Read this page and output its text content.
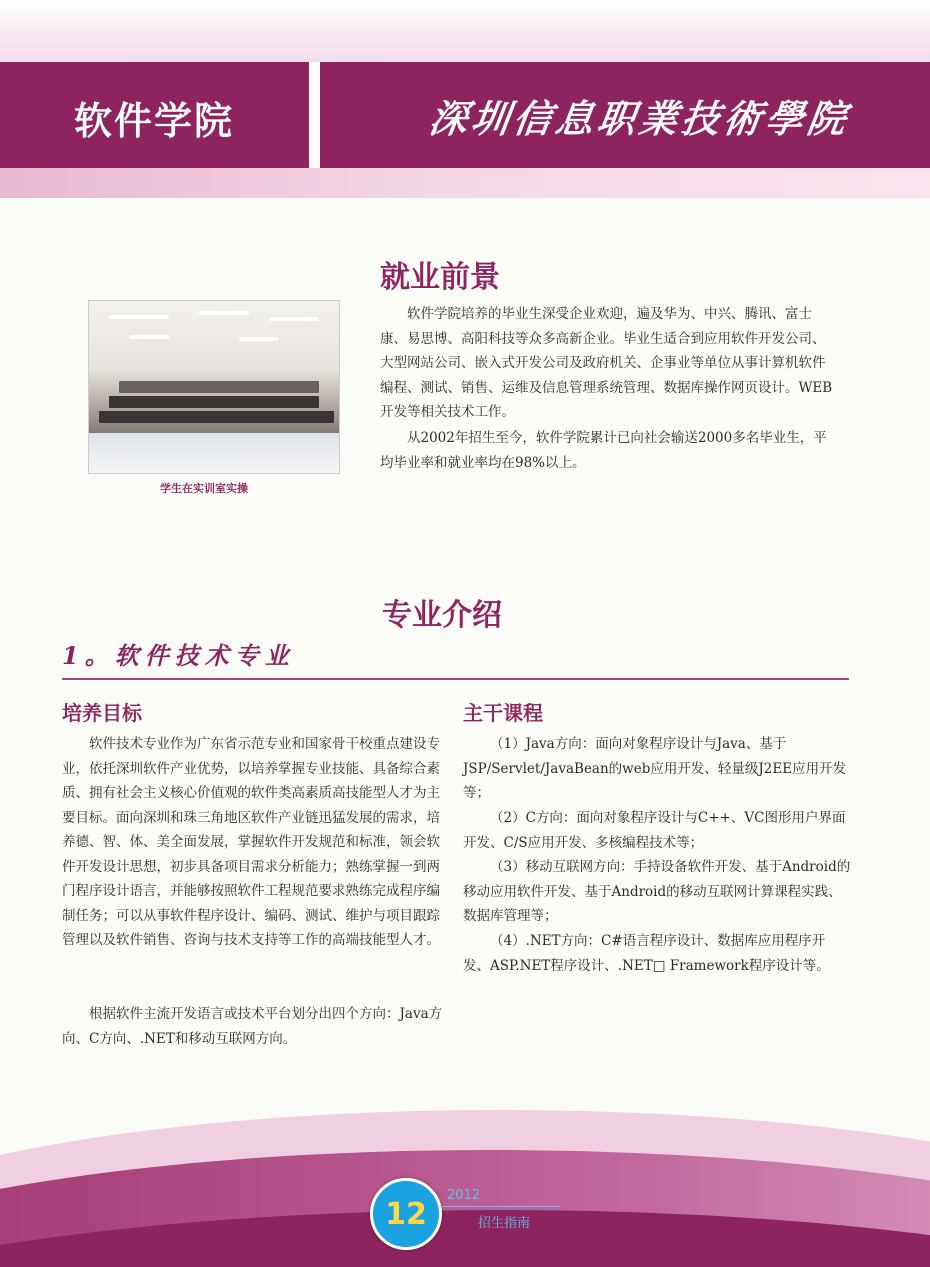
软件学院	深圳信息职業技術學院
就业前景
学生在实训室实操

软件学院培养的毕业生深受企业欢迎，遍及华为、中兴、腾讯、富士康、易思博、高阳科技等众多高新企业。毕业生适合到应用软件开发公司、大型网站公司、嵌入式开发公司及政府机关、企事业等单位从事计算机软件编程、测试、销售、运维及信息管理系统管理、数据库操作网页设计。WEB开发等相关技术工作。

从2002年招生至今，软件学院累计已向社会输送2000多名毕业生，平均毕业率和就业率均在98%以上。

专业介绍
1。软件技术专业
培养目标

软件技术专业作为广东省示范专业和国家骨干校重点建设专业，依托深圳软件产业优势，以培养掌握专业技能、具备综合素质、拥有社会主义核心价值观的软件类高素质高技能型人才为主要目标。面向深圳和珠三角地区软件产业链迅猛发展的需求，培养德、智、体、美全面发展，掌握软件开发规范和标准，领会软件开发设计思想，初步具备项目需求分析能力；熟练掌握一到两门程序设计语言，并能够按照软件工程规范要求熟练完成程序编制任务；可以从事软件程序设计、编码、测试、维护与项目跟踪管理以及软件销售、咨询与技术支持等工作的高端技能型人才。

根据软件主流开发语言或技术平台划分出四个方向：Java方向、C方向、.NET和移动互联网方向。

主干课程

（1）Java方向：面向对象程序设计与Java、基于JSP/Servlet/JavaBean的web应用开发、轻量级J2EE应用开发等；

（2）C方向：面向对象程序设计与C++、VC图形用户界面开发、C/S应用开发、多核编程技术等；

（3）移动互联网方向：手持设备软件开发、基于Android的移动应用软件开发、基于Android的移动互联网计算课程实践、数据库管理等；

（4）.NET方向：C#语言程序设计、数据库应用程序开发、ASP.NET程序设计、.NET□ Framework程序设计等。

12
2012
招生指南
